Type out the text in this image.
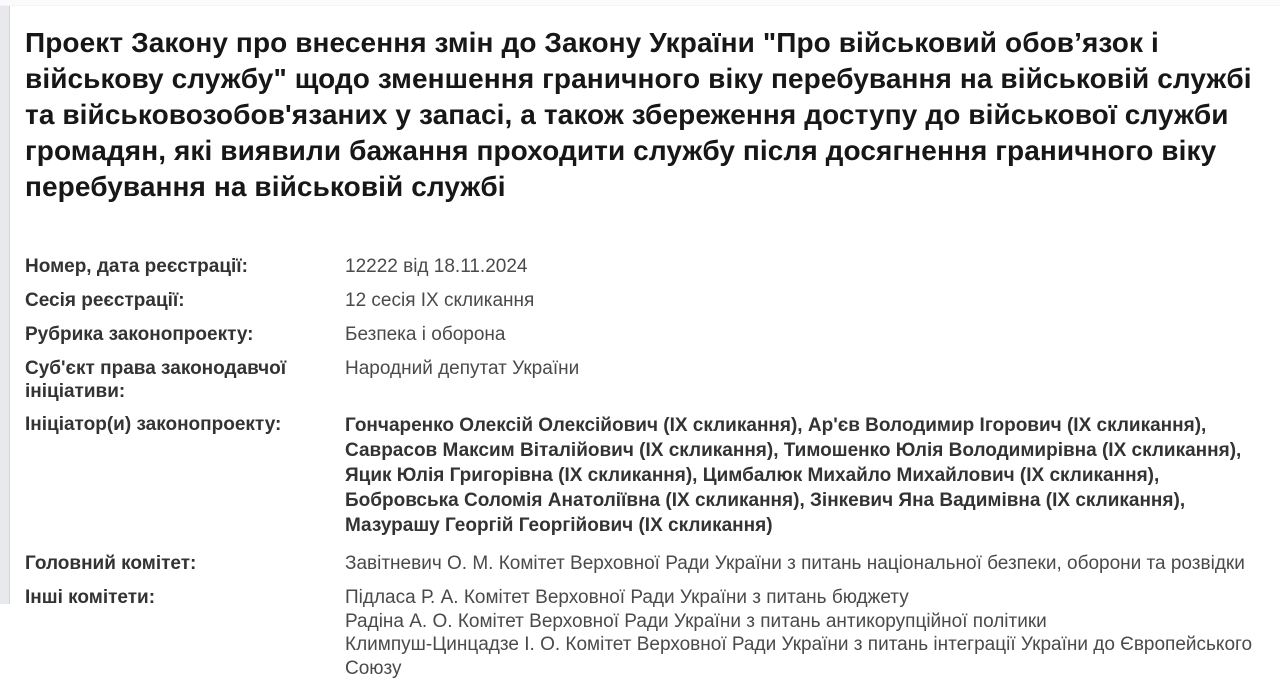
Проект Закону про внесення змін до Закону України "Про військовий обов’язок і військову службу" щодо зменшення граничного віку перебування на військовій службі та військовозобов'язаних у запасі, а також збереження доступу до військової служби громадян, які виявили бажання проходити службу після досягнення граничного віку перебування на військовій службі
Номер, дата реєстрації:	12222 від 18.11.2024
Сесія реєстрації:	12 сесія IX скликання
Рубрика законопроекту:	Безпека і оборона
Суб'єкт права законодавчої ініціативи:
Народний депутат України
Ініціатор(и) законопроекту:	Гончаренко Олексій Олексійович (IX скликання), Ар'єв Володимир Ігорович (IX скликання), Саврасов Максим Віталійович (IX скликання), Тимошенко Юлія Володимирівна (IX скликання), Яцик Юлія Григорівна (IX скликання), Цимбалюк Михайло Михайлович (IX скликання), Бобровська Соломія Анатоліївна (IX скликання), Зінкевич Яна Вадимівна (IX скликання), Мазурашу Георгій Георгійович (IX скликання)
Головний комітет:	Завітневич О. М. Комітет Верховної Ради України з питань національної безпеки, оборони та розвідки
Інші комітети:	Підласа Р. А. Комітет Верховної Ради України з питань бюджету
Радіна А. О. Комітет Верховної Ради України з питань антикорупційної політики
Климпуш-Цинцадзе І. О. Комітет Верховної Ради України з питань інтеграції України до Європейського Союзу
